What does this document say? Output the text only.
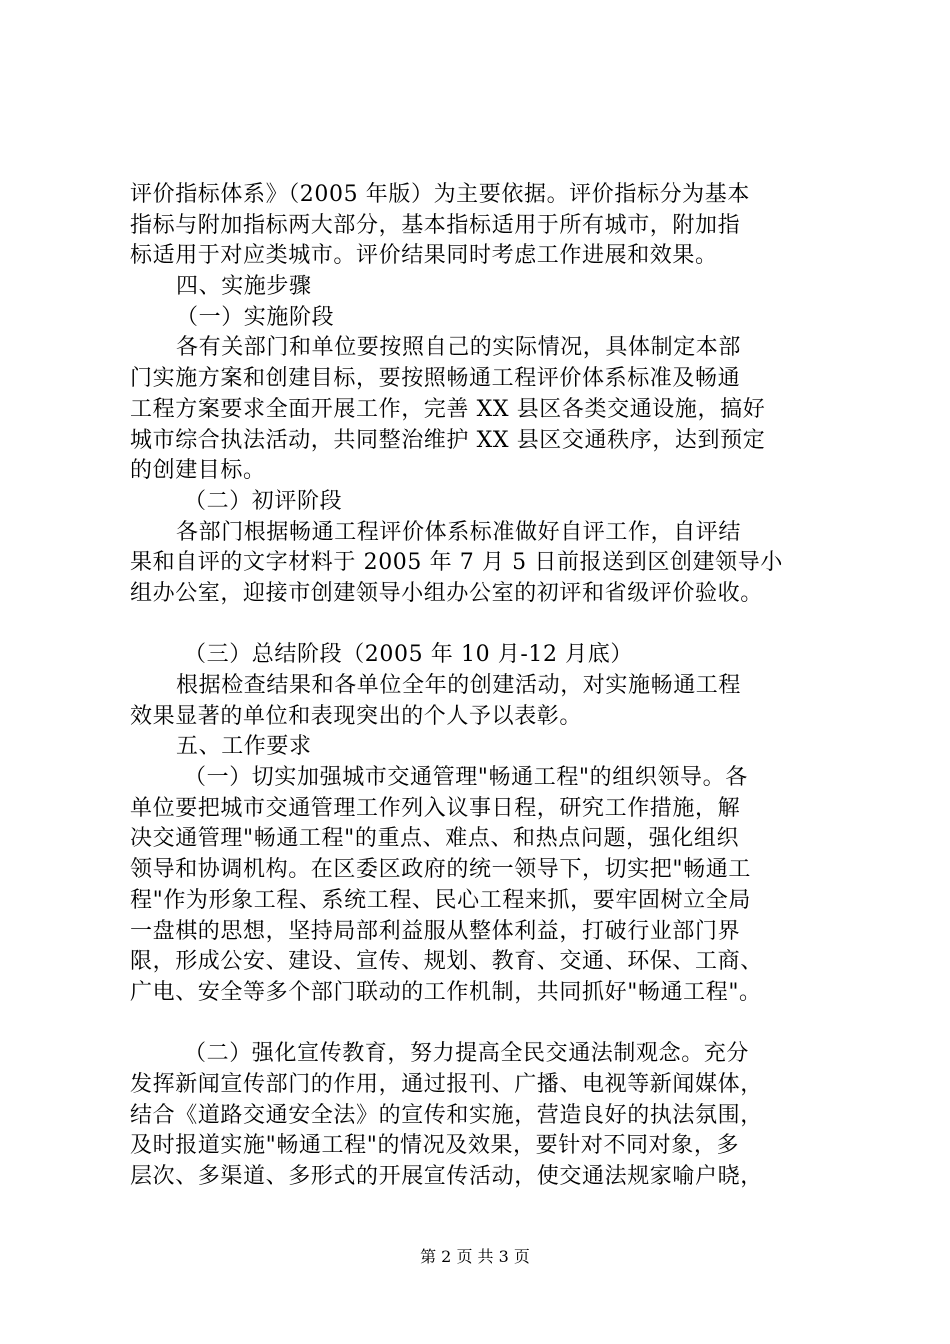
评价指标体系》（2005 年版）为主要依据。评价指标分为基本
指标与附加指标两大部分，基本指标适用于所有城市，附加指
标适用于对应类城市。评价结果同时考虑工作进展和效果。
四、实施步骤
（一）实施阶段
各有关部门和单位要按照自己的实际情况，具体制定本部
门实施方案和创建目标，要按照畅通工程评价体系标准及畅通
工程方案要求全面开展工作，完善 XX 县区各类交通设施，搞好
城市综合执法活动，共同整治维护 XX 县区交通秩序，达到预定
的创建目标。
（二）初评阶段
各部门根据畅通工程评价体系标准做好自评工作，自评结
果和自评的文字材料于 2005 年 7 月 5 日前报送到区创建领导小
组办公室，迎接市创建领导小组办公室的初评和省级评价验收。
（三）总结阶段（2005 年 10 月-12 月底）
根据检查结果和各单位全年的创建活动，对实施畅通工程
效果显著的单位和表现突出的个人予以表彰。
五、工作要求
（一）切实加强城市交通管理"畅通工程"的组织领导。各
单位要把城市交通管理工作列入议事日程，研究工作措施，解
决交通管理"畅通工程"的重点、难点、和热点问题，强化组织
领导和协调机构。在区委区政府的统一领导下，切实把"畅通工
程"作为形象工程、系统工程、民心工程来抓，要牢固树立全局
一盘棋的思想，坚持局部利益服从整体利益，打破行业部门界
限，形成公安、建设、宣传、规划、教育、交通、环保、工商、
广电、安全等多个部门联动的工作机制，共同抓好"畅通工程"。
（二）强化宣传教育，努力提高全民交通法制观念。充分
发挥新闻宣传部门的作用，通过报刊、广播、电视等新闻媒体，
结合《道路交通安全法》的宣传和实施，营造良好的执法氛围，
及时报道实施"畅通工程"的情况及效果，要针对不同对象，多
层次、多渠道、多形式的开展宣传活动，使交通法规家喻户晓，
第 2 页 共 3 页
